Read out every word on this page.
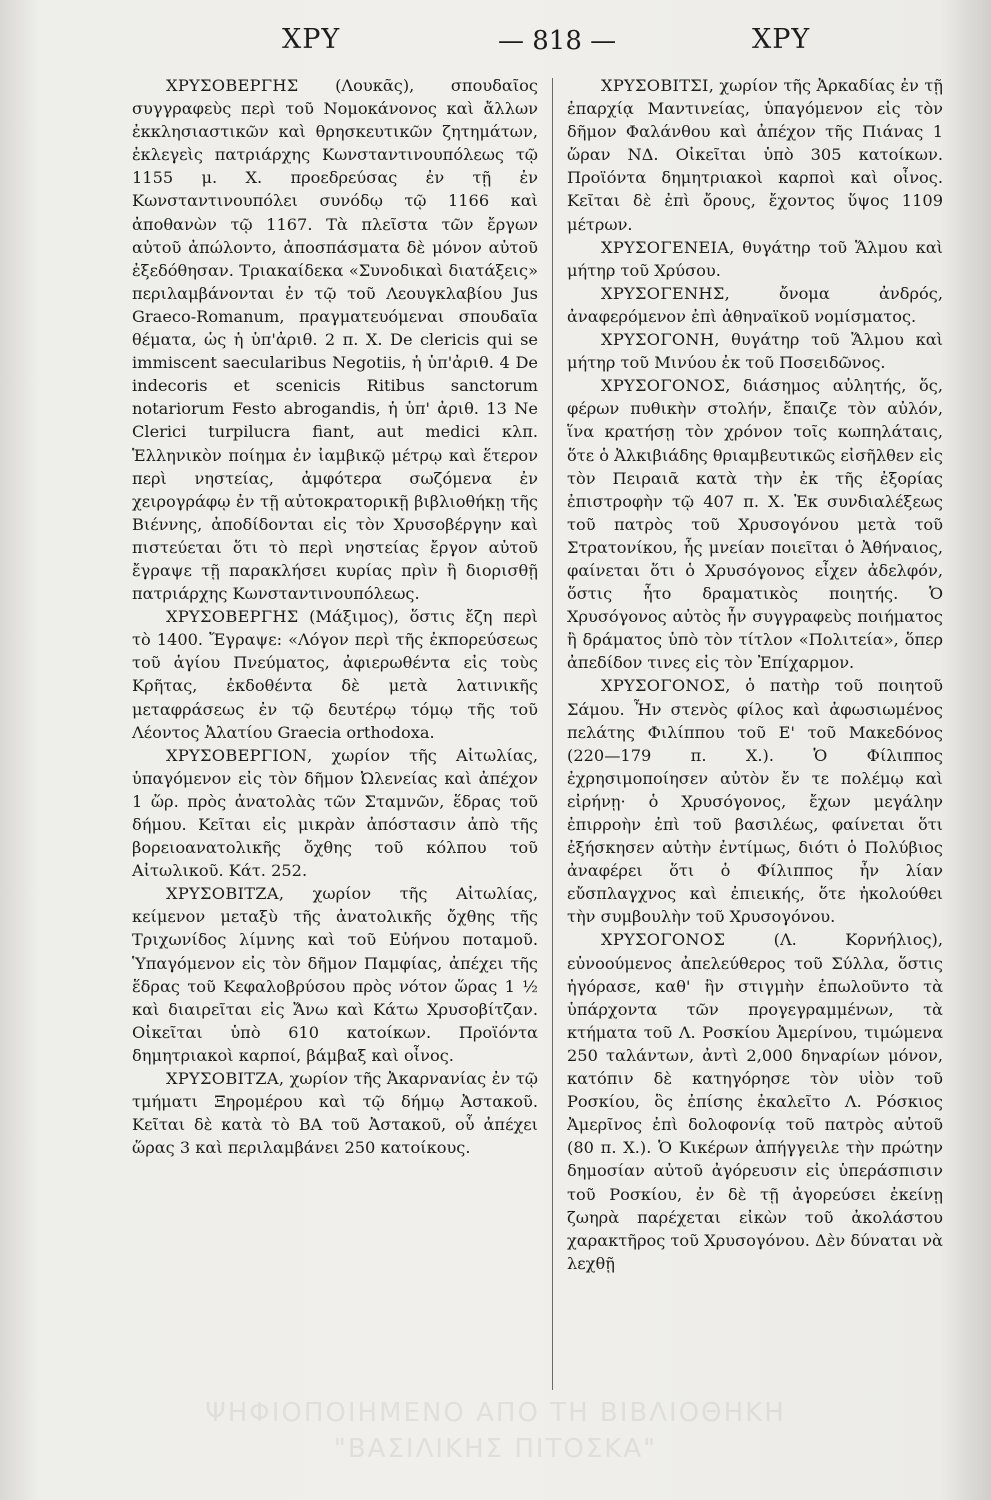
ΧΡΥ	— 818 —	ΧΡΥ

ΧΡΥΣΟΒΕΡΓΗΣ (Λουκᾶς), σπουδαῖος συγγραφεὺς περὶ τοῦ Νομοκάνονος καὶ ἄλλων ἐκκλησιαστικῶν καὶ θρησκευτικῶν ζητημάτων, ἐκλεγεὶς πατριάρχης Κωνσταντινουπόλεως τῷ 1155 μ. Χ. προεδρεύσας ἐν τῇ ἐν Κωνσταντινουπόλει συνόδῳ τῷ 1166 καὶ ἀποθανὼν τῷ 1167. Τὰ πλεῖστα τῶν ἔργων αὐτοῦ ἀπώλοντο, ἀποσπάσματα δὲ μόνον αὐτοῦ ἐξεδόθησαν. Τριακαίδεκα «Συνοδικαὶ διατάξεις» περιλαμβάνονται ἐν τῷ τοῦ Λεουγκλαβίου Jus Graeco-Romanum, πραγματευόμεναι σπουδαῖα θέματα, ὡς ἡ ὑπ'ἀριθ. 2 π. Χ. De clericis qui se immiscent saecularibus Negotiis, ἡ ὑπ'ἀριθ. 4 De indecoris et scenicis Ritibus sanctorum notariorum Festo abrogandis, ἡ ὑπ' ἀριθ. 13 Ne Clerici turpilucra fiant, aut medici κλπ. Ἑλληνικὸν ποίημα ἐν ἰαμβικῷ μέτρῳ καὶ ἕτερον περὶ νηστείας, ἀμφότερα σωζόμενα ἐν χειρογράφῳ ἐν τῇ αὐτοκρατορικῇ βιβλιοθήκῃ τῆς Βιέννης, ἀποδίδονται εἰς τὸν Χρυσοβέργην καὶ πιστεύεται ὅτι τὸ περὶ νηστείας ἔργον αὐτοῦ ἔγραψε τῇ παρακλήσει κυρίας πρὶν ἢ διορισθῇ πατριάρχης Κωνσταντινουπόλεως.

ΧΡΥΣΟΒΕΡΓΗΣ (Μάξιμος), ὅστις ἔζη περὶ τὸ 1400. Ἔγραψε: «Λόγον περὶ τῆς ἐκπορεύσεως τοῦ ἁγίου Πνεύματος, ἀφιερωθέντα εἰς τοὺς Κρῆτας, ἐκδοθέντα δὲ μετὰ λατινικῆς μεταφράσεως ἐν τῷ δευτέρῳ τόμῳ τῆς τοῦ Λέοντος Ἀλατίου Graecia orthodoxa.

ΧΡΥΣΟΒΕΡΓΙΟΝ, χωρίον τῆς Αἰτωλίας, ὑπαγόμενον εἰς τὸν δῆμον Ὠλενείας καὶ ἀπέχον 1 ὥρ. πρὸς ἀνατολὰς τῶν Σταμνῶν, ἕδρας τοῦ δήμου. Κεῖται εἰς μικρὰν ἀπόστασιν ἀπὸ τῆς βορειοανατολικῆς ὄχθης τοῦ κόλπου τοῦ Αἰτωλικοῦ. Κάτ. 252.

ΧΡΥΣΟΒΙΤΖΑ, χωρίον τῆς Αἰτωλίας, κείμενον μεταξὺ τῆς ἀνατολικῆς ὄχθης τῆς Τριχωνίδος λίμνης καὶ τοῦ Εὐήνου ποταμοῦ. Ὑπαγόμενον εἰς τὸν δῆμον Παμφίας, ἀπέχει τῆς ἕδρας τοῦ Κεφαλοβρύσου πρὸς νότον ὥρας 1 ½ καὶ διαιρεῖται εἰς Ἄνω καὶ Κάτω Χρυσοβίτζαν. Οἰκεῖται ὑπὸ 610 κατοίκων. Προϊόντα δημητριακοὶ καρποί, βάμβαξ καὶ οἶνος.

ΧΡΥΣΟΒΙΤΖΑ, χωρίον τῆς Ἀκαρνανίας ἐν τῷ τμήματι Ξηρομέρου καὶ τῷ δήμῳ Ἀστακοῦ. Κεῖται δὲ κατὰ τὸ ΒΑ τοῦ Ἀστακοῦ, οὗ ἀπέχει ὥρας 3 καὶ περιλαμβάνει 250 κατοίκους.

ΧΡΥΣΟΒΙΤΣΙ, χωρίον τῆς Ἀρκαδίας ἐν τῇ ἐπαρχίᾳ Μαντινείας, ὑπαγόμενον εἰς τὸν δῆμον Φαλάνθου καὶ ἀπέχον τῆς Πιάνας 1 ὥραν ΝΔ. Οἰκεῖται ὑπὸ 305 κατοίκων. Προϊόντα δημητριακοὶ καρποὶ καὶ οἶνος. Κεῖται δὲ ἐπὶ ὄρους, ἔχοντος ὕψος 1109 μέτρων.

ΧΡΥΣΟΓΕΝΕΙΑ, θυγάτηρ τοῦ Ἅλμου καὶ μήτηρ τοῦ Χρύσου.

ΧΡΥΣΟΓΕΝΗΣ, ὄνομα ἀνδρός, ἀναφερόμενον ἐπὶ ἀθηναϊκοῦ νομίσματος.

ΧΡΥΣΟΓΟΝΗ, θυγάτηρ τοῦ Ἅλμου καὶ μήτηρ τοῦ Μινύου ἐκ τοῦ Ποσειδῶνος.

ΧΡΥΣΟΓΟΝΟΣ, διάσημος αὐλητής, ὅς, φέρων πυθικὴν στολήν, ἔπαιζε τὸν αὐλόν, ἵνα κρατήσῃ τὸν χρόνον τοῖς κωπηλάταις, ὅτε ὁ Ἀλκιβιάδης θριαμβευτικῶς εἰσῆλθεν εἰς τὸν Πειραιᾶ κατὰ τὴν ἐκ τῆς ἐξορίας ἐπιστροφὴν τῷ 407 π. Χ. Ἐκ συνδιαλέξεως τοῦ πατρὸς τοῦ Χρυσογόνου μετὰ τοῦ Στρατονίκου, ἧς μνείαν ποιεῖται ὁ Ἀθήναιος, φαίνεται ὅτι ὁ Χρυσόγονος εἶχεν ἀδελφόν, ὅστις ἦτο δραματικὸς ποιητής. Ὁ Χρυσόγονος αὐτὸς ἦν συγγραφεὺς ποιήματος ἢ δράματος ὑπὸ τὸν τίτλον «Πολιτεία», ὅπερ ἀπεδίδον τινες εἰς τὸν Ἐπίχαρμον.

ΧΡΥΣΟΓΟΝΟΣ, ὁ πατὴρ τοῦ ποιητοῦ Σάμου. Ἦν στενὸς φίλος καὶ ἀφωσιωμένος πελάτης Φιλίππου τοῦ Ε' τοῦ Μακεδόνος (220—179 π. Χ.). Ὁ Φίλιππος ἐχρησιμοποίησεν αὐτὸν ἔν τε πολέμῳ καὶ εἰρήνῃ· ὁ Χρυσόγονος, ἔχων μεγάλην ἐπιρροὴν ἐπὶ τοῦ βασιλέως, φαίνεται ὅτι ἐξήσκησεν αὐτὴν ἐντίμως, διότι ὁ Πολύβιος ἀναφέρει ὅτι ὁ Φίλιππος ἦν λίαν εὔσπλαγχνος καὶ ἐπιεικής, ὅτε ἠκολούθει τὴν συμβουλὴν τοῦ Χρυσογόνου.

ΧΡΥΣΟΓΟΝΟΣ (Λ. Κορνήλιος), εὐνοούμενος ἀπελεύθερος τοῦ Σύλλα, ὅστις ἠγόρασε, καθ' ἣν στιγμὴν ἐπωλοῦντο τὰ ὑπάρχοντα τῶν προγεγραμμένων, τὰ κτήματα τοῦ Λ. Ροσκίου Ἀμερίνου, τιμώμενα 250 ταλάντων, ἀντὶ 2,000 δηναρίων μόνον, κατόπιν δὲ κατηγόρησε τὸν υἱὸν τοῦ Ροσκίου, ὃς ἐπίσης ἐκαλεῖτο Λ. Ρόσκιος Ἀμερῖνος ἐπὶ δολοφονίᾳ τοῦ πατρὸς αὐτοῦ (80 π. Χ.). Ὁ Κικέρων ἀπήγγειλε τὴν πρώτην δημοσίαν αὐτοῦ ἀγόρευσιν εἰς ὑπεράσπισιν τοῦ Ροσκίου, ἐν δὲ τῇ ἀγορεύσει ἐκείνῃ ζωηρὰ παρέχεται εἰκὼν τοῦ ἀκολάστου χαρακτῆρος τοῦ Χρυσογόνου. Δὲν δύναται νὰ λεχθῇ

ΨΗΦΙΟΠΟΙΗΜΕΝΟ ΑΠΟ ΤΗ ΒΙΒΛΙΟΘΗΚΗ
"ΒΑΣΙΛΙΚΗΣ ΠΙΤΟΣΚΑ"
